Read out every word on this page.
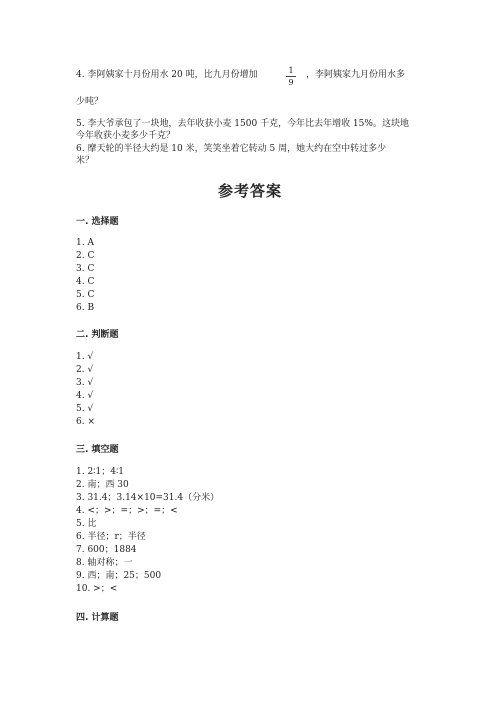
4. 李阿姨家十月份用水 20 吨，比九月份增加	1
9
，李阿姨家九月份用水多
少吨？
5. 李大爷承包了一块地，去年收获小麦 1500 千克，今年比去年增收 15%。这块地
今年收获小麦多少千克？
6. 摩天轮的半径大约是 10 米，笑笑坐着它转动 5 周，她大约在空中转过多少
米？
参考答案
一. 选择题
1. A
2. C
3. C
4. C
5. C
6. B
二. 判断题
1. √
2. √
3. √
4. √
5. √
6. ×
三. 填空题
1. 2∶1；4∶1
2. 南；西 30
3. 31.4；3.14×10=31.4（分米）
4. <；>；=；>；=；<
5. 比
6. 半径；r；半径
7. 600；1884
8. 轴对称；一
9. 西；南；25；500
10. >；<
四. 计算题
